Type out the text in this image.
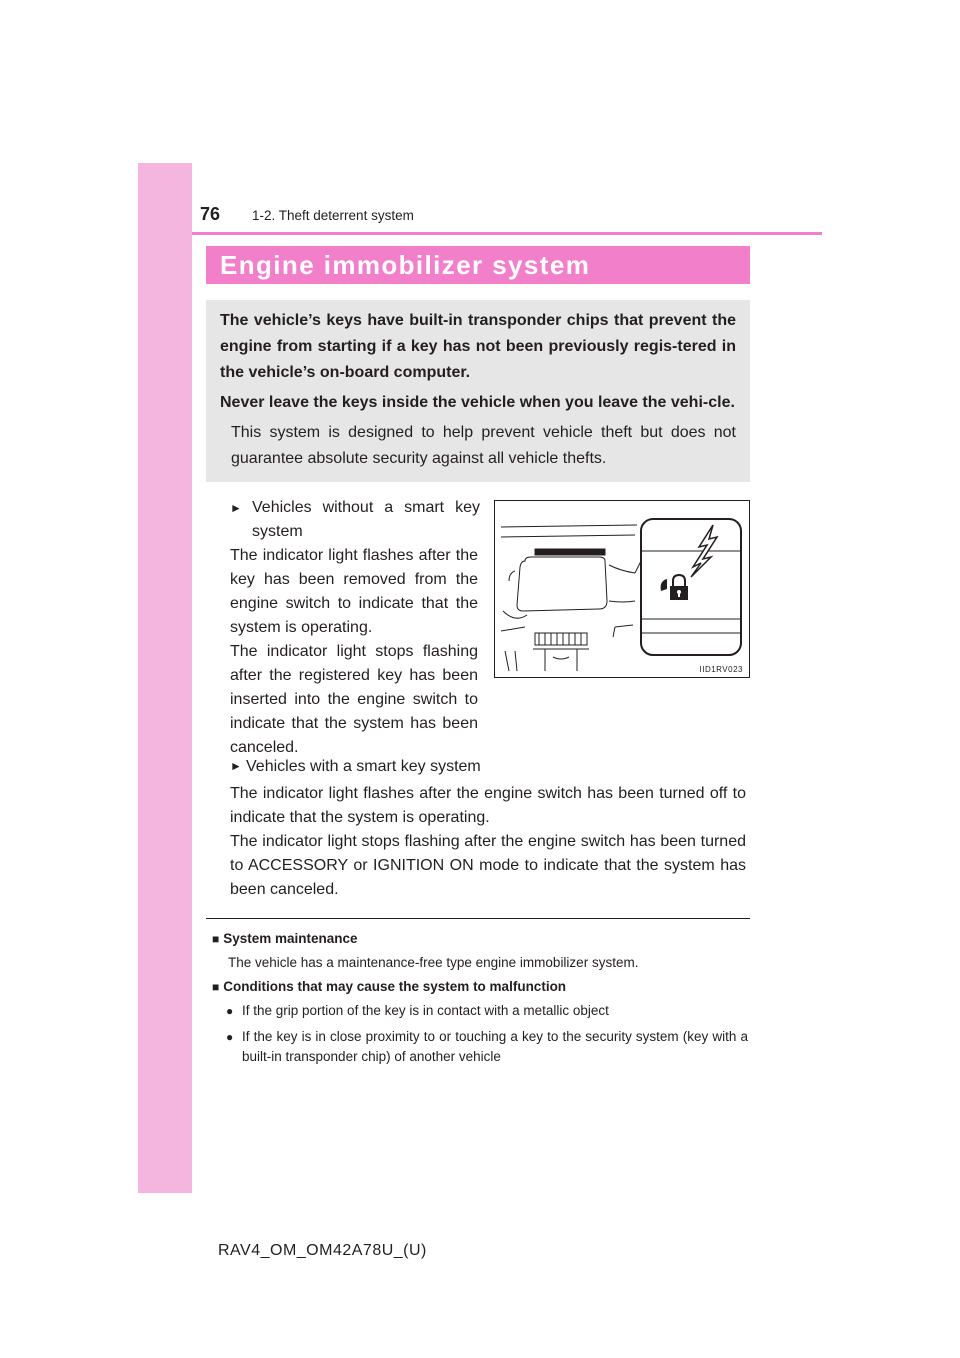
76 1-2. Theft deterrent system
Engine immobilizer system

The vehicle’s keys have built-in transponder chips that prevent the engine from starting if a key has not been previously regis-tered in the vehicle’s on-board computer.

Never leave the keys inside the vehicle when you leave the vehi-cle.

This system is designed to help prevent vehicle theft but does not guarantee absolute security against all vehicle thefts.

► Vehicles without a smart key
system

The indicator light flashes after the key has been removed from the engine switch to indicate that the system is operating.

The indicator light stops flashing after the registered key has been inserted into the engine switch to indicate that the system has been canceled.

IID1RV023
► Vehicles with a smart key system

The indicator light flashes after the engine switch has been turned off to indicate that the system is operating.

The indicator light stops flashing after the engine switch has been turned to ACCESSORY or IGNITION ON mode to indicate that the system has been canceled.

■ System maintenance

The vehicle has a maintenance-free type engine immobilizer system.

■ Conditions that may cause the system to malfunction
● If the grip portion of the key is in contact with a metallic object

● If the key is in close proximity to or touching a key to the security system (key with a built-in transponder chip) of another vehicle

RAV4_OM_OM42A78U_(U)
